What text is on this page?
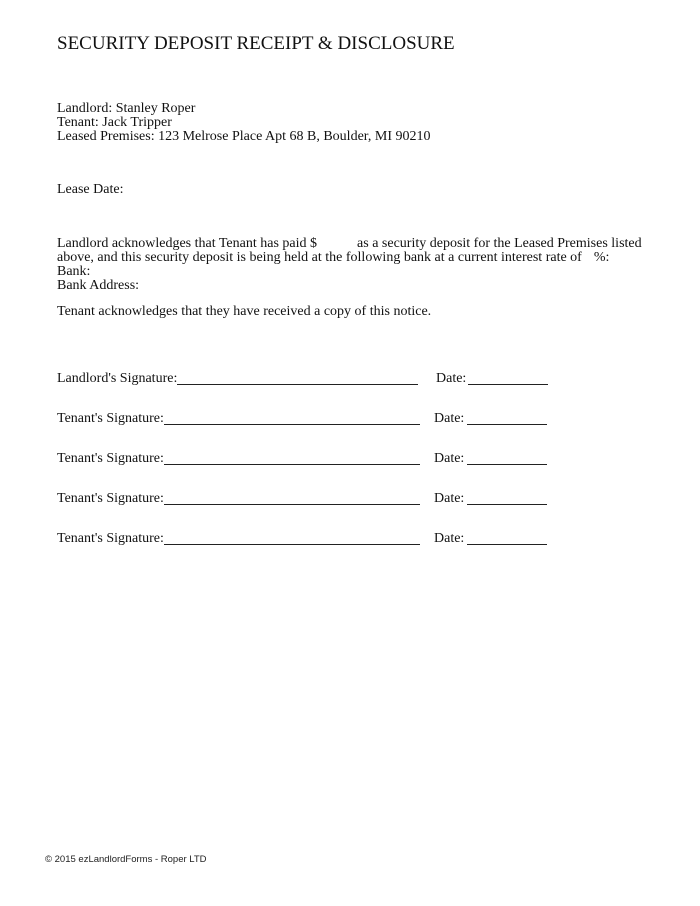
SECURITY DEPOSIT RECEIPT & DISCLOSURE
Landlord: Stanley Roper
Tenant: Jack Tripper
Leased Premises: 123 Melrose Place Apt 68 B, Boulder, MI 90210
Lease Date:
Landlord acknowledges that Tenant has paid $	as a security deposit for the Leased Premises listed
above, and this security deposit is being held at the following bank at a current interest rate of %:
Bank:
Bank Address:
Tenant acknowledges that they have received a copy of this notice.
Landlord's Signature:	Date:
Tenant's Signature:	Date:
Tenant's Signature:	Date:
Tenant's Signature:	Date:
Tenant's Signature:	Date:
© 2015 ezLandlordForms - Roper LTD
